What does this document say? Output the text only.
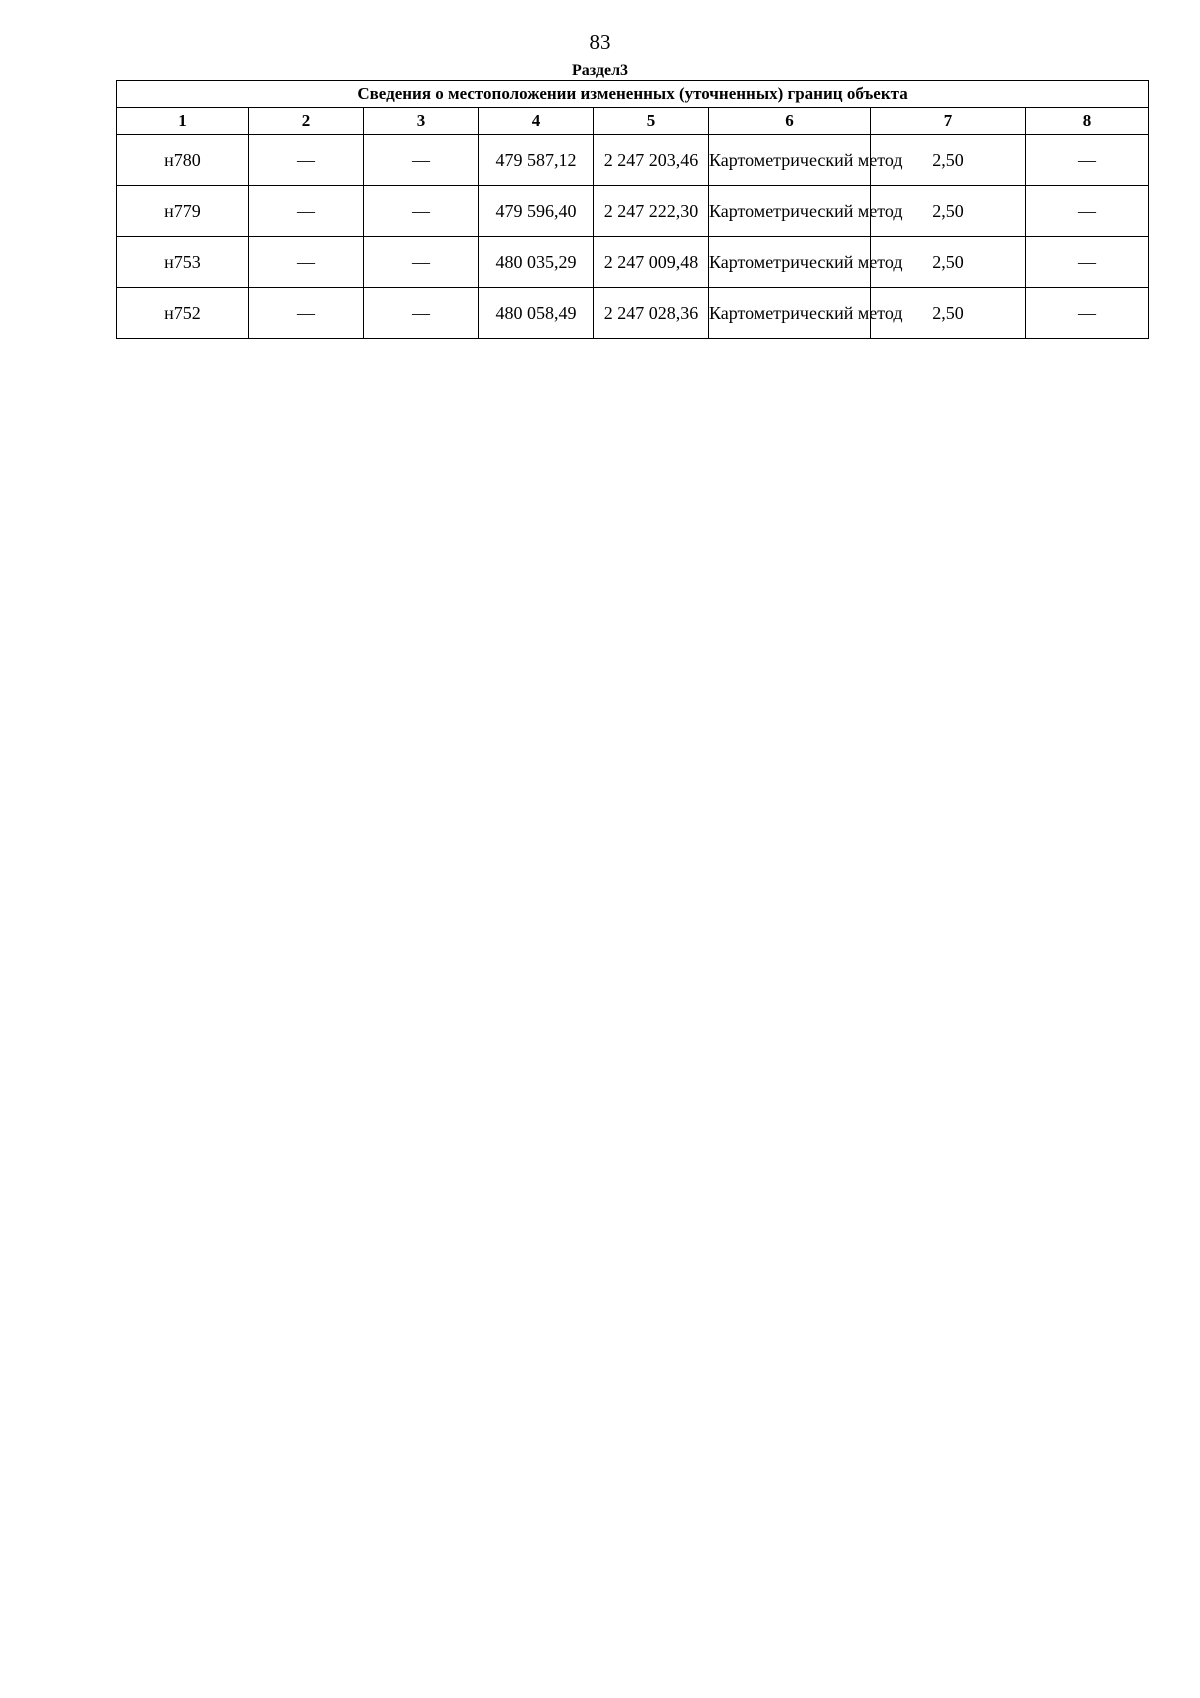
83
Раздел3
Сведения о местоположении измененных (уточненных) границ объекта							
1	2	3	4	5	6	7	8
н780	—	—	479 587,12	2 247 203,46	Картометрический метод	2,50	—
н779	—	—	479 596,40	2 247 222,30	Картометрический метод	2,50	—
н753	—	—	480 035,29	2 247 009,48	Картометрический метод	2,50	—
н752	—	—	480 058,49	2 247 028,36	Картометрический метод	2,50	—
